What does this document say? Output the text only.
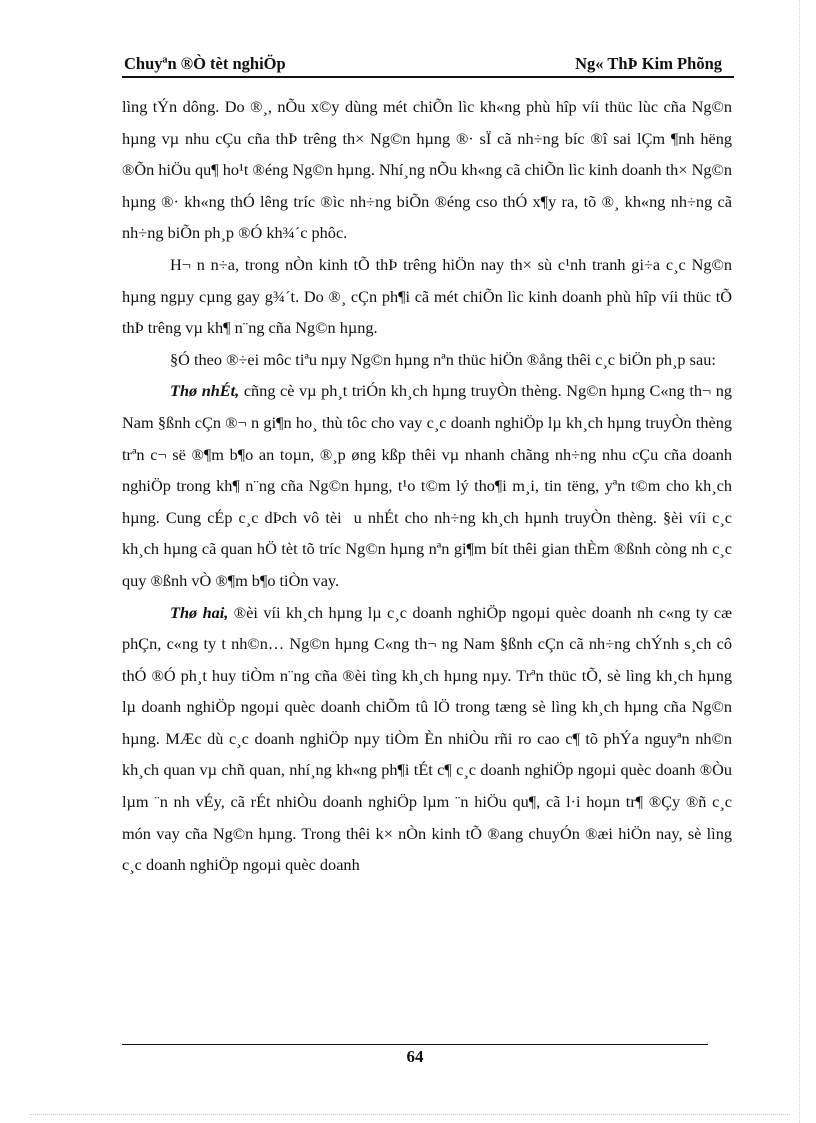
Chuyªn ®Ò tèt nghiÖp	Ng« ThÞ Kim Phõng

lìng tÝn dông. Do ®¸, nÕu x©y dùng mét chiÕn lìc kh«ng phù hîp víi thüc lùc cña Ng©n hµng vµ nhu cÇu cña thÞ trêng th× Ng©n hµng ®· sÏ cã nh÷ng bíc ®î sai lÇm ¶nh hëng ®Õn hiÖu qu¶ ho¹t ®éng Ng©n hµng. Nhí¸ng nÕu kh«ng cã chiÕn lìc kinh doanh th× Ng©n hµng ®· kh«ng thÓ lêng tríc ®ìc nh÷ng biÕn ®éng cso thÓ x¶y ra, tõ ®¸ kh«ng nh÷ng cã nh÷ng biÕn ph¸p ®Ó kh¾´c phôc.

H¬ n n÷a, trong nÒn kinh tÕ thÞ trêng hiÖn nay th× sù c¹nh tranh gi÷a c¸c Ng©n hµng ngµy cµng gay g¾´t. Do ®¸ cÇn ph¶i cã mét chiÕn lìc kinh doanh phù hîp víi thüc tÕ thÞ trêng vµ kh¶ n¨ng cña Ng©n hµng.

§Ó theo ®÷ei môc tiªu nµy Ng©n hµng nªn thüc hiÖn ®ång thêi c¸c biÖn ph¸p sau:

Thø nhÉt, cñng cè vµ ph¸t triÓn kh¸ch hµng truyÒn thèng. Ng©n hµng C«ng th¬ ng Nam §ßnh cÇn ®¬ n gi¶n ho¸ thù tôc cho vay c¸c doanh nghiÖp lµ kh¸ch hµng truyÒn thèng trªn c¬ së ®¶m b¶o an toµn, ®¸p øng kßp thêi vµ nhanh chãng nh÷ng nhu cÇu cña doanh nghiÖp trong kh¶ n¨ng cña Ng©n hµng, t¹o t©m lý tho¶i m¸i, tin tëng, yªn t©m cho kh¸ch hµng. Cung cÉp c¸c dÞch vô tèi u nhÉt cho nh÷ng kh¸ch hµnh truyÒn thèng. §èi víi c¸c kh¸ch hµng cã quan hÖ tèt tõ tríc Ng©n hµng nªn gi¶m bít thêi gian thÈm ®ßnh còng nh c¸c quy ®ßnh vÒ ®¶m b¶o tiÒn vay.

Thø hai, ®èi víi kh¸ch hµng lµ c¸c doanh nghiÖp ngoµi quèc doanh nh c«ng ty cæ phÇn, c«ng ty t nh©n… Ng©n hµng C«ng th¬ ng Nam §ßnh cÇn cã nh÷ng chÝnh s¸ch cô thÓ ®Ó ph¸t huy tiÒm n¨ng cña ®èi tìng kh¸ch hµng nµy. Trªn thüc tÕ, sè lìng kh¸ch hµng lµ doanh nghiÖp ngoµi quèc doanh chiÕm tû lÖ trong tæng sè lìng kh¸ch hµng cña Ng©n hµng. MÆc dù c¸c doanh nghiÖp nµy tiÒm Èn nhiÒu rñi ro cao c¶ tõ phÝa nguyªn nh©n kh¸ch quan vµ chñ quan, nhí¸ng kh«ng ph¶i tÉt c¶ c¸c doanh nghiÖp ngoµi quèc doanh ®Òu lµm ¨n nh vÉy, cã rÉt nhiÒu doanh nghiÖp lµm ¨n hiÖu qu¶, cã l·i hoµn tr¶ ®Çy ®ñ c¸c món vay cña Ng©n hµng. Trong thêi k× nÒn kinh tÕ ®ang chuyÓn ®æi hiÖn nay, sè lìng c¸c doanh nghiÖp ngoµi quèc doanh

64
